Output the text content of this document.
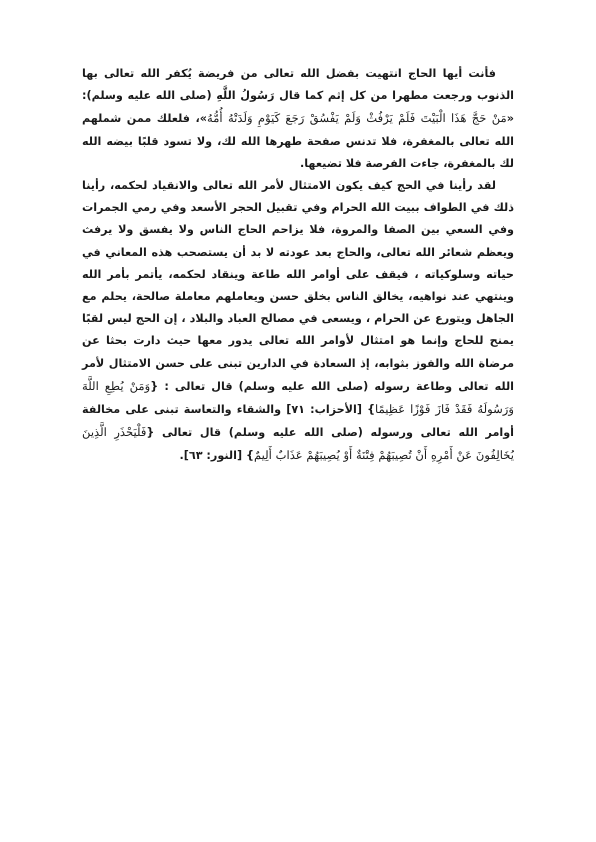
فأنت أيها الحاج انتهيت بفضل الله تعالى من فريضة يُكفر الله تعالى بها الذنوب ورجعت مطهرا من كل إثم كما قال رَسُولُ اللَّهِ (صلى الله عليه وسلم): «مَنْ حَجَّ هَذَا الْبَيْتَ فَلَمْ يَرْفُثْ وَلَمْ يَفْسُقْ رَجَعَ كَيَوْمِ وَلَدَتْهُ أُمُّهُ»، فلعلك ممن شملهم الله تعالى بالمغفرة، فلا تدنس صفحة طهرها الله لك، ولا تسود قلبًا بيضه الله لك بالمغفرة، جاءت الفرصة فلا تضيعها.

لقد رأينا في الحج كيف يكون الامتثال لأمر الله تعالى والانقياد لحكمه، رأينا ذلك في الطواف ببيت الله الحرام وفي تقبيل الحجر الأسعد وفي رمي الجمرات وفي السعي بين الصفا والمروة، فلا يزاحم الحاج الناس ولا يفسق ولا يرفث ويعظم شعائر الله تعالى، والحاج بعد عودته لا بد أن يستصحب هذه المعاني في حياته وسلوكياته ، فيقف على أوامر الله طاعة وينقاد لحكمه، يأتمر بأمر الله وينتهي عند نواهيه، يخالق الناس بخلق حسن ويعاملهم معاملة صالحة، يحلم مع الجاهل ويتورع عن الحرام ، ويسعى في مصالح العباد والبلاد ، إن الحج ليس لقبًا يمنح للحاج وإنما هو امتثال لأوامر الله تعالى يدور معها حيث دارت بحثا عن مرضاة الله والفوز بثوابه، إذ السعادة في الدارين تبنى على حسن الامتثال لأمر الله تعالى وطاعة رسوله (صلى الله عليه وسلم) قال تعالى : {وَمَنْ يُطِعِ اللَّهَ وَرَسُولَهُ فَقَدْ فَازَ فَوْزًا عَظِيمًا} [الأحزاب: ٧١] والشقاء والتعاسة تبنى على مخالفة أوامر الله تعالى ورسوله (صلى الله عليه وسلم) قال تعالى {فَلْيَحْذَرِ الَّذِينَ يُخَالِفُونَ عَنْ أَمْرِهِ أَنْ تُصِيبَهُمْ فِتْنَةٌ أَوْ يُصِيبَهُمْ عَذَابٌ أَلِيمٌ} [النور: ٦٣].
